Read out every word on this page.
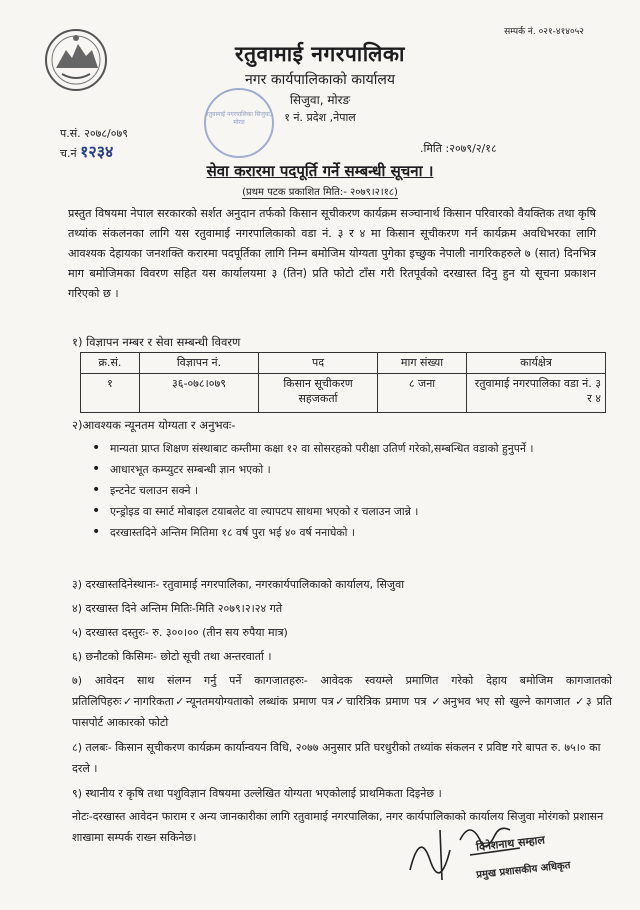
सम्पर्क नं. ०२१-४१४०५२
रतुवामाई नगरपालिका
नगर कार्यपालिकाको कार्यालय
सिजुवा, मोरङ
१ नं. प्रदेश ,नेपाल
रतुवामाई नगरपालिका सिजुवा, मोरङ
प.सं. २०७८/०७९
च.नं १२३४	.मिति :२०७९/२/१८
सेवा करारमा पदपूर्ति गर्ने सम्बन्धी सूचना ।
(प्रथम पटक प्रकाशित मिति:- २०७९।२।१८)
प्रस्तुत विषयमा नेपाल सरकारको सर्शत अनुदान तर्फको किसान सूचीकरण कार्यक्रम सञ्चानार्थ किसान परिवारको वैयक्तिक तथा कृषि तथ्यांक संकलनका लागि यस रतुवामाई नगरपालिकाको वडा नं. ३ र ४ मा किसान सूचीकरण गर्न कार्यक्रम अवधिभरका लागि आवश्यक देहायका जनशक्ति करारमा पदपूर्तिका लागि निम्न बमोजिम योग्यता पुगेका इच्छुक नेपाली नागरिकहरुले ७ (सात) दिनभित्र माग बमोजिमका विवरण सहित यस कार्यालयमा ३ (तिन) प्रति फोटो टाँस गरी रितपूर्वको दरखास्त दिनु हुन यो सूचना प्रकाशन गरिएको छ ।
१) विज्ञापन नम्बर र सेवा सम्बन्धी विवरण
क्र.सं.	विज्ञापन नं.	पद	माग संख्या	कार्यक्षेत्र
१	३६-०७८।०७९	किसान सूचीकरण सहजकर्ता	८ जना	रतुवामाई नगरपालिका वडा नं. ३ र ४
२)आवश्यक न्यूनतम योग्यता र अनुभवः-
• मान्यता प्राप्त शिक्षण संस्थाबाट कम्तीमा कक्षा १२ वा सोसरहको परीक्षा उतिर्ण गरेको,सम्बन्धित वडाको हुनुपर्ने ।
• आधारभूत कम्प्युटर सम्बन्धी ज्ञान भएको ।
• इन्टनेट चलाउन सक्ने ।
• एन्ड्रोइड वा स्मार्ट मोबाइल टयाबलेट वा ल्यापटप साथमा भएको र चलाउन जान्ने ।
• दरखास्तदिने अन्तिम मितिमा १८ वर्ष पुरा भई ४० वर्ष ननाघेको ।
३) दरखास्तदिनेस्थानः- रतुवामाई नगरपालिका, नगरकार्यपालिकाको कार्यालय, सिजुवा
४) दरखास्त दिने अन्तिम मितिः-मिति २०७९।२।२४ गते
५) दरखास्त दस्तुरः- रु. ३००।०० (तीन सय रुपैया मात्र)
६) छनौटको किसिमः- छोटो सूची तथा अन्तरवार्ता ।
७) आवेदन साथ संलग्न गर्नु पर्ने कागजातहरुः- आवेदक स्वयम्ले प्रमाणित गरेको देहाय बमोजिम कागजातको प्रतिलिपिहरुः✓नागरिकता✓न्यूनतमयोग्यताको लब्धांक प्रमाण पत्र✓चारित्रिक प्रमाण पत्र ✓अनुभव भए सो खुल्ने कागजात ✓३ प्रति पासपोर्ट आकारको फोटो
८) तलबः- किसान सूचीकरण कार्यक्रम कार्यान्वयन विधि, २०७७ अनुसार प्रति घरधुरीको तथ्यांक संकलन र प्रविष्ट गरे बापत रु. ७५।० का दरले ।
९) स्थानीय र कृषि तथा पशुविज्ञान विषयमा उल्लेखित योग्यता भएकोलाई प्राथमिकता दिइनेछ ।
नोटः-दरखास्त आवेदन फाराम र अन्य जानकारीका लागि रतुवामाई नगरपालिका, नगर कार्यपालिकाको कार्यालय सिजुवा मोरंगको प्रशासन शाखामा सम्पर्क राख्न सकिनेछ।	दिनेशनाथ सम्हाल
प्रमुख प्रशासकीय अधिकृत
